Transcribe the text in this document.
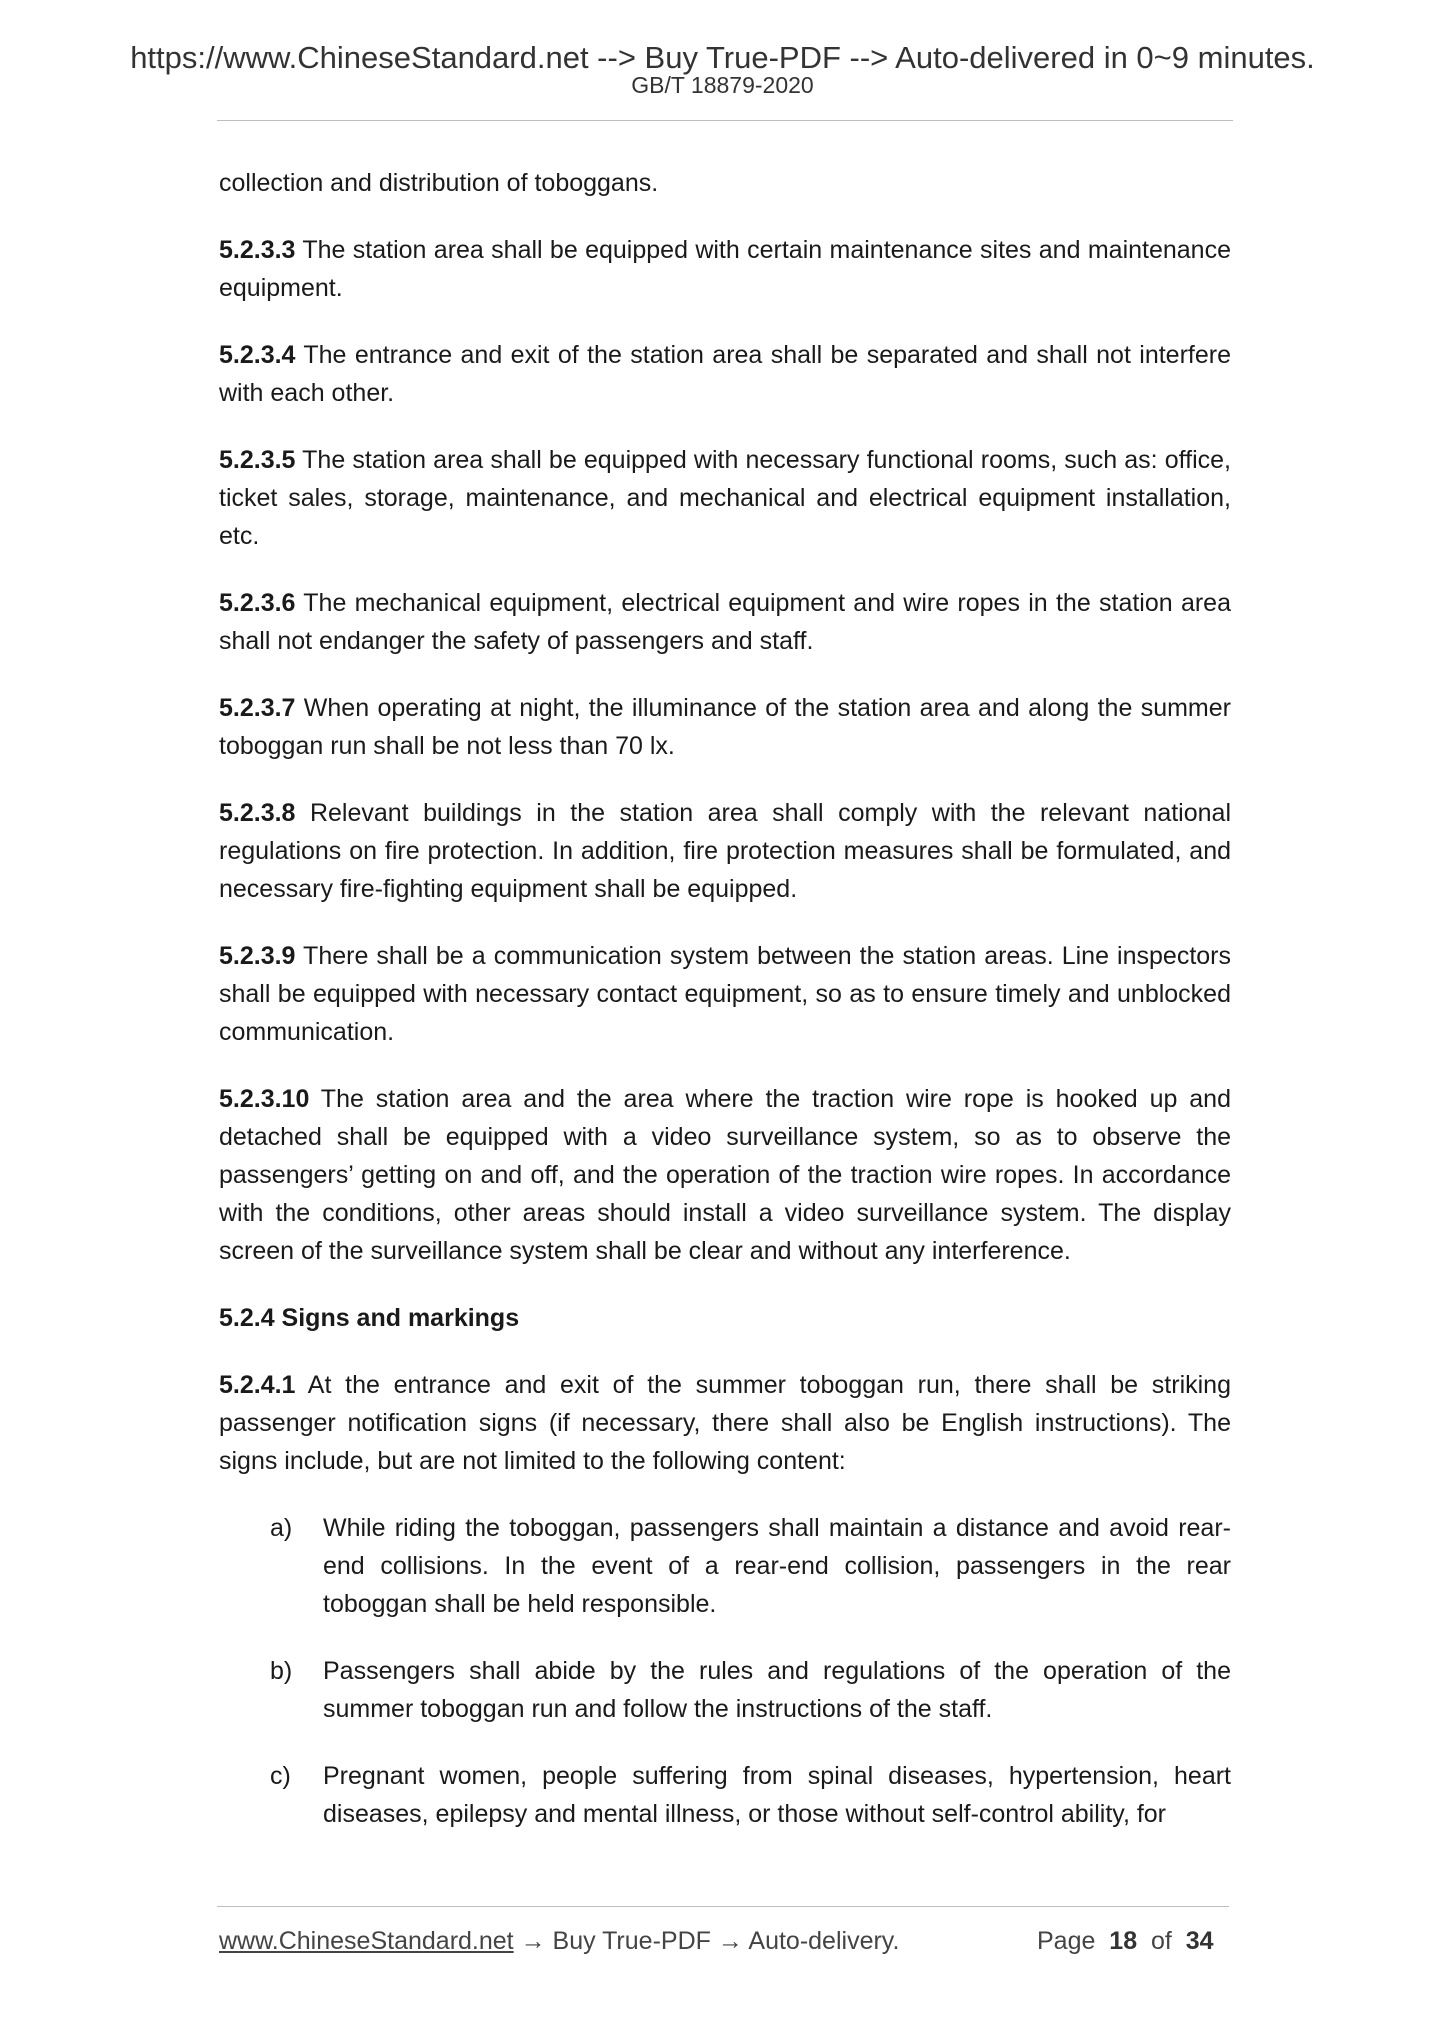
https://www.ChineseStandard.net --> Buy True-PDF --> Auto-delivered in 0~9 minutes.
GB/T 18879-2020

collection and distribution of toboggans.

5.2.3.3 The station area shall be equipped with certain maintenance sites and maintenance equipment.

5.2.3.4 The entrance and exit of the station area shall be separated and shall not interfere with each other.

5.2.3.5 The station area shall be equipped with necessary functional rooms, such as: office, ticket sales, storage, maintenance, and mechanical and electrical equipment installation, etc.

5.2.3.6 The mechanical equipment, electrical equipment and wire ropes in the station area shall not endanger the safety of passengers and staff.

5.2.3.7 When operating at night, the illuminance of the station area and along the summer toboggan run shall be not less than 70 lx.

5.2.3.8 Relevant buildings in the station area shall comply with the relevant national regulations on fire protection. In addition, fire protection measures shall be formulated, and necessary fire-fighting equipment shall be equipped.

5.2.3.9 There shall be a communication system between the station areas. Line inspectors shall be equipped with necessary contact equipment, so as to ensure timely and unblocked communication.

5.2.3.10 The station area and the area where the traction wire rope is hooked up and detached shall be equipped with a video surveillance system, so as to observe the passengers’ getting on and off, and the operation of the traction wire ropes. In accordance with the conditions, other areas should install a video surveillance system. The display screen of the surveillance system shall be clear and without any interference.

5.2.4 Signs and markings

5.2.4.1 At the entrance and exit of the summer toboggan run, there shall be striking passenger notification signs (if necessary, there shall also be English instructions). The signs include, but are not limited to the following content:

a) While riding the toboggan, passengers shall maintain a distance and avoid rear-end collisions. In the event of a rear-end collision, passengers in the rear toboggan shall be held responsible.
b) Passengers shall abide by the rules and regulations of the operation of the summer toboggan run and follow the instructions of the staff.
c) Pregnant women, people suffering from spinal diseases, hypertension, heart diseases, epilepsy and mental illness, or those without self-control ability, for
www.ChineseStandard.net → Buy True-PDF → Auto-delivery.	Page 18 of 34
